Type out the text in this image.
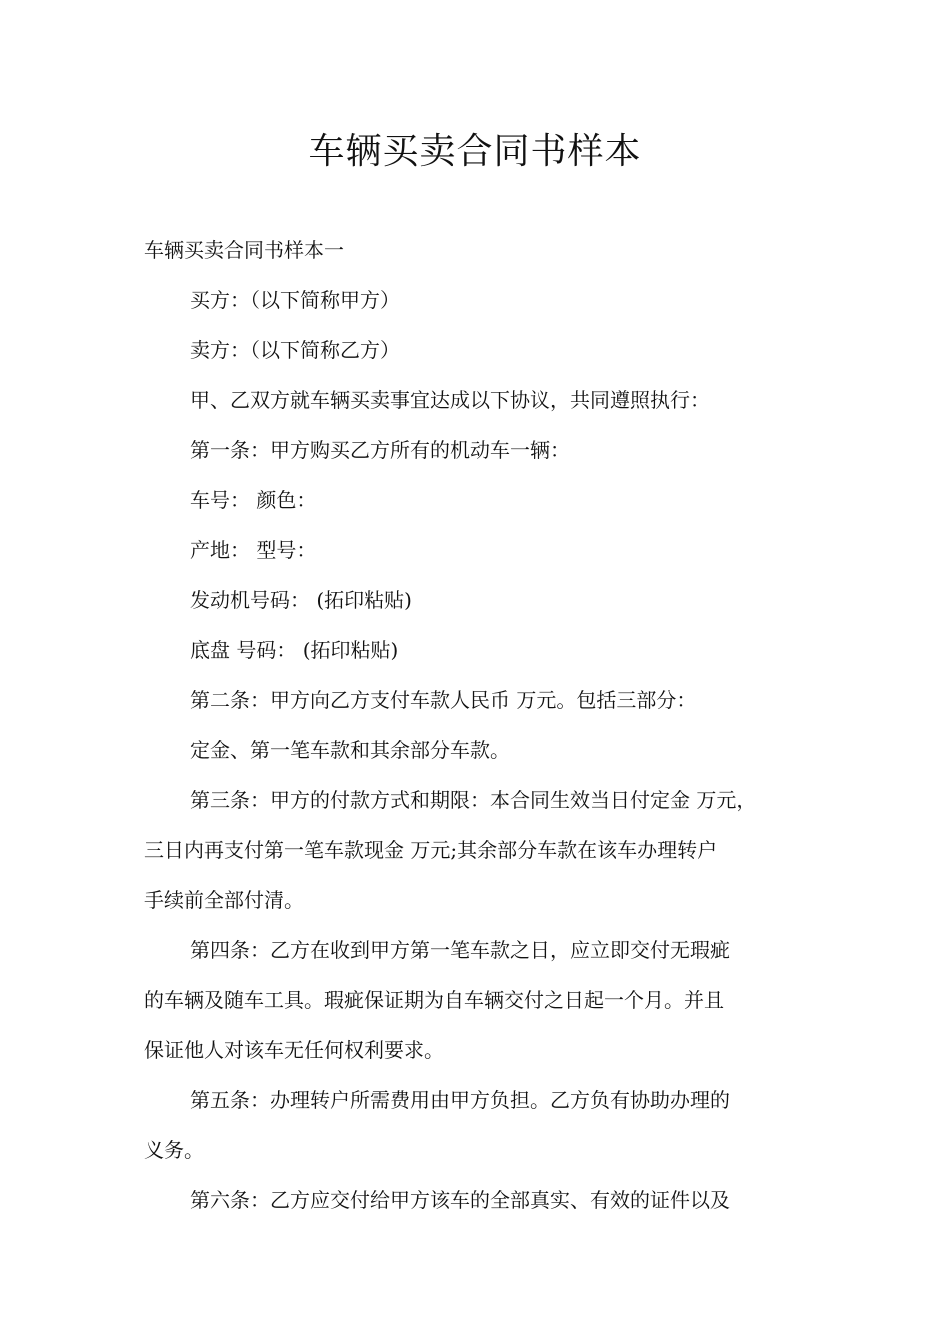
车辆买卖合同书样本
车辆买卖合同书样本一
买方：（以下简称甲方）
卖方：（以下简称乙方）
甲、乙双方就车辆买卖事宜达成以下协议，共同遵照执行：
第一条：甲方购买乙方所有的机动车一辆：
车号： 颜色：
产地： 型号：
发动机号码： (拓印粘贴)
底盘 号码： (拓印粘贴)
第二条：甲方向乙方支付车款人民币 万元。包括三部分：
定金、第一笔车款和其余部分车款。
第三条：甲方的付款方式和期限：本合同生效当日付定金 万元，
三日内再支付第一笔车款现金 万元;其余部分车款在该车办理转户
手续前全部付清。
第四条：乙方在收到甲方第一笔车款之日，应立即交付无瑕疵
的车辆及随车工具。瑕疵保证期为自车辆交付之日起一个月。并且
保证他人对该车无任何权利要求。
第五条：办理转户所需费用由甲方负担。乙方负有协助办理的
义务。
第六条：乙方应交付给甲方该车的全部真实、有效的证件以及
